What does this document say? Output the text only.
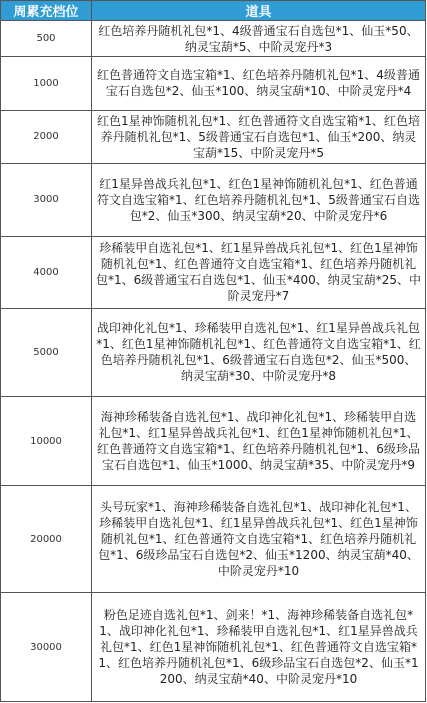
周累充档位	道具
500	红色培养丹随机礼包*1、4级普通宝石自选包*1、仙玉*50、纳灵宝葫*5、中阶灵宠丹*3
1000	红色普通符文自选宝箱*1、红色培养丹随机礼包*1、4级普通宝石自选包*2、仙玉*100、纳灵宝葫*10、中阶灵宠丹*4
2000	红色1星神饰随机礼包*1、红色普通符文自选宝箱*1、红色培养丹随机礼包*1、5级普通宝石自选包*1、仙玉*200、纳灵宝葫*15、中阶灵宠丹*5
3000	红1星异兽战兵礼包*1、红色1星神饰随机礼包*1、红色普通符文自选宝箱*1、红色培养丹随机礼包*1、5级普通宝石自选包*2、仙玉*300、纳灵宝葫*20、中阶灵宠丹*6
4000	珍稀装甲自选礼包*1、红1星异兽战兵礼包*1、红色1星神饰随机礼包*1、红色普通符文自选宝箱*1、红色培养丹随机礼包*1、6级普通宝石自选包*1、仙玉*400、纳灵宝葫*25、中阶灵宠丹*7
5000	战印神化礼包*1、珍稀装甲自选礼包*1、红1星异兽战兵礼包*1、红色1星神饰随机礼包*1、红色普通符文自选宝箱*1、红色培养丹随机礼包*1、6级普通宝石自选包*2、仙玉*500、纳灵宝葫*30、中阶灵宠丹*8
10000	海神珍稀装备自选礼包*1、战印神化礼包*1、珍稀装甲自选礼包*1、红1星异兽战兵礼包*1、红色1星神饰随机礼包*1、红色普通符文自选宝箱*1、红色培养丹随机礼包*1、6级珍品宝石自选包*1、仙玉*1000、纳灵宝葫*35、中阶灵宠丹*9
20000	头号玩家*1、海神珍稀装备自选礼包*1、战印神化礼包*1、珍稀装甲自选礼包*1、红1星异兽战兵礼包*1、红色1星神饰随机礼包*1、红色普通符文自选宝箱*1、红色培养丹随机礼包*1、6级珍品宝石自选包*2、仙玉*1200、纳灵宝葫*40、中阶灵宠丹*10
30000	粉色足迹自选礼包*1、剑来！*1、海神珍稀装备自选礼包*1、战印神化礼包*1、珍稀装甲自选礼包*1、红1星异兽战兵礼包*1、红色1星神饰随机礼包*1、红色普通符文自选宝箱*1、红色培养丹随机礼包*1、6级珍品宝石自选包*2、仙玉*1200、纳灵宝葫*40、中阶灵宠丹*10
